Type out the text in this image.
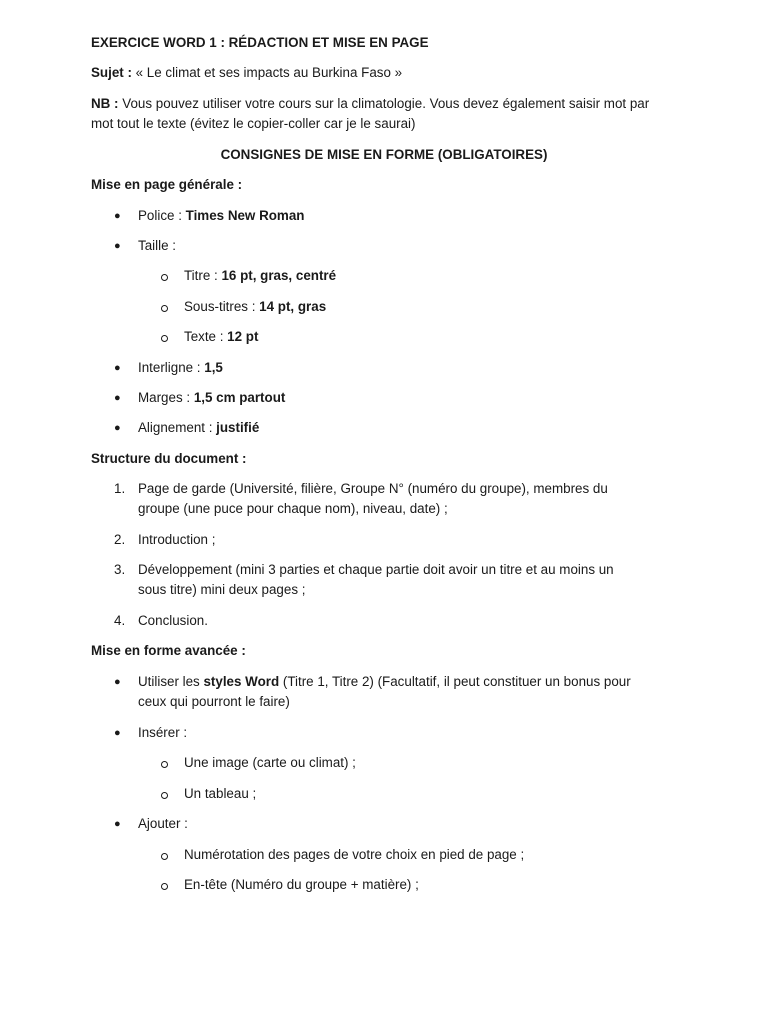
EXERCICE WORD 1 : RÉDACTION ET MISE EN PAGE
Sujet : « Le climat et ses impacts au Burkina Faso »
NB : Vous pouvez utiliser votre cours sur la climatologie. Vous devez également saisir mot par
mot tout le texte (évitez le copier-coller car je le saurai)
CONSIGNES DE MISE EN FORME (OBLIGATOIRES)
Mise en page générale :
● Police : Times New Roman
● Taille :
Titre : 16 pt, gras, centré
Sous-titres : 14 pt, gras
Texte : 12 pt
● Interligne : 1,5
● Marges : 1,5 cm partout
● Alignement : justifié
Structure du document :
1. Page de garde (Université, filière, Groupe N° (numéro du groupe), membres du
groupe (une puce pour chaque nom), niveau, date) ;
2. Introduction ;
3. Développement (mini 3 parties et chaque partie doit avoir un titre et au moins un
sous titre) mini deux pages ;
4. Conclusion.
Mise en forme avancée :
● Utiliser les styles Word (Titre 1, Titre 2) (Facultatif, il peut constituer un bonus pour
ceux qui pourront le faire)
● Insérer :
Une image (carte ou climat) ;
Un tableau ;
● Ajouter :
Numérotation des pages de votre choix en pied de page ;
En-tête (Numéro du groupe + matière) ;
